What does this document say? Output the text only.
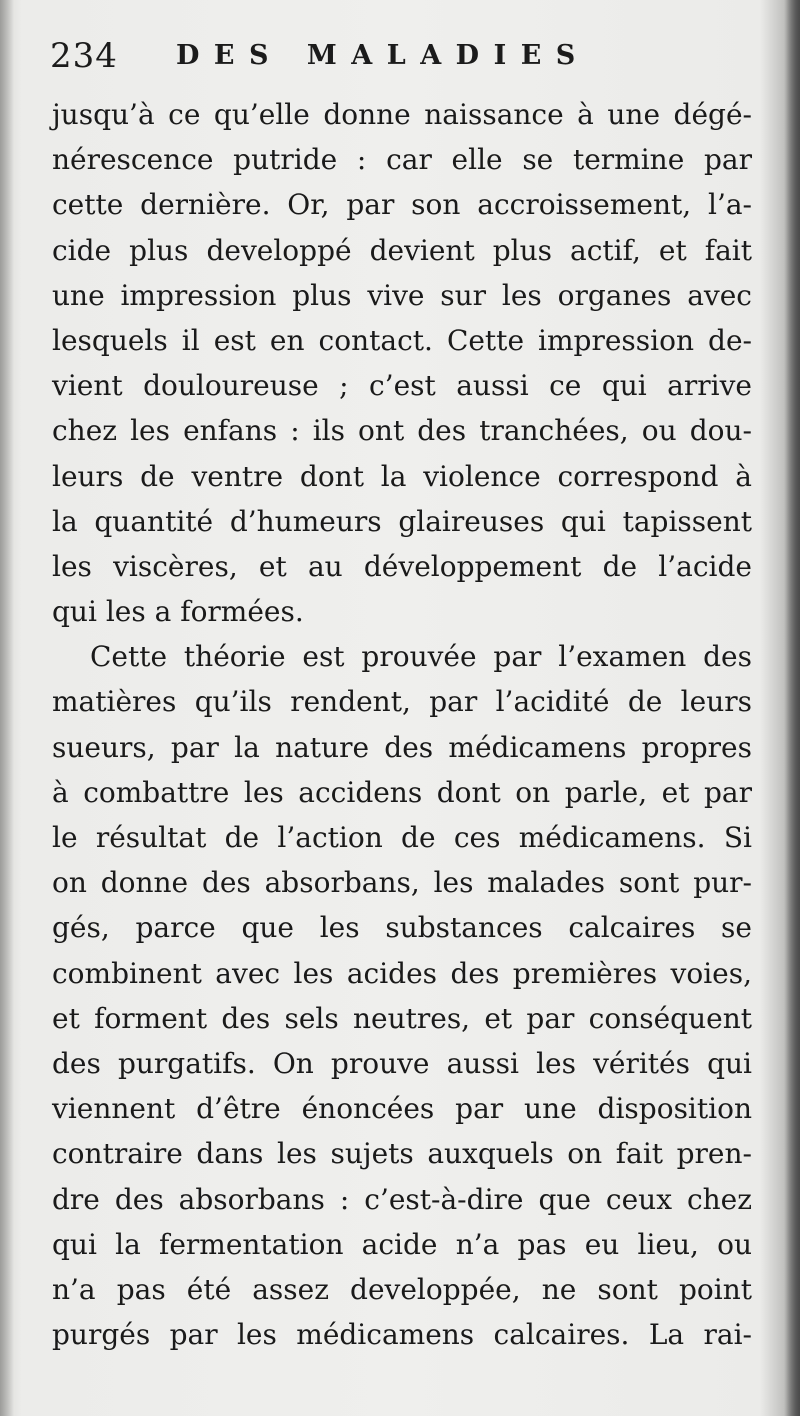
234 DES MALADIES
jusqu’à ce qu’elle donne naissance à une dégé-
nérescence putride : car elle se termine par
cette dernière. Or, par son accroissement, l’a-
cide plus developpé devient plus actif, et fait
une impression plus vive sur les organes avec
lesquels il est en contact. Cette impression de-
vient douloureuse ; c’est aussi ce qui arrive
chez les enfans : ils ont des tranchées, ou dou-
leurs de ventre dont la violence correspond à
la quantité d’humeurs glaireuses qui tapissent
les viscères, et au développement de l’acide
qui les a formées.
Cette théorie est prouvée par l’examen des
matières qu’ils rendent, par l’acidité de leurs
sueurs, par la nature des médicamens propres
à combattre les accidens dont on parle, et par
le résultat de l’action de ces médicamens. Si
on donne des absorbans, les malades sont pur-
gés, parce que les substances calcaires se
combinent avec les acides des premières voies,
et forment des sels neutres, et par conséquent
des purgatifs. On prouve aussi les vérités qui
viennent d’être énoncées par une disposition
contraire dans les sujets auxquels on fait pren-
dre des absorbans : c’est-à-dire que ceux chez
qui la fermentation acide n’a pas eu lieu, ou
n’a pas été assez developpée, ne sont point
purgés par les médicamens calcaires. La rai-
